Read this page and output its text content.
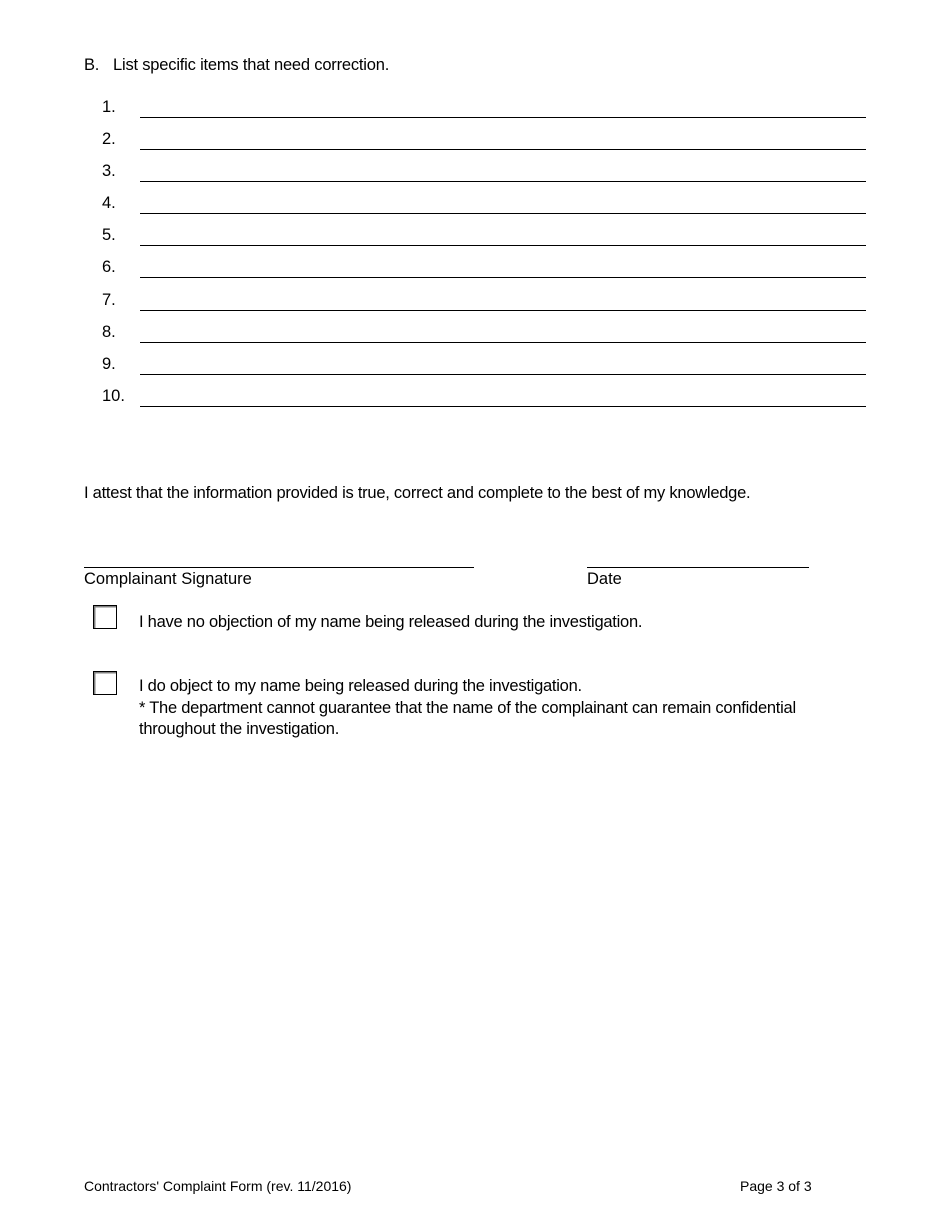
B. List specific items that need correction.
1.
2.
3.
4.
5.
6.
7.
8.
9.
10.
I attest that the information provided is true, correct and complete to the best of my knowledge.
Complainant Signature	Date
I have no objection of my name being released during the investigation.
I do object to my name being released during the investigation.
* The department cannot guarantee that the name of the complainant can remain confidential
throughout the investigation.
Contractors' Complaint Form (rev. 11/2016)	Page 3 of 3
